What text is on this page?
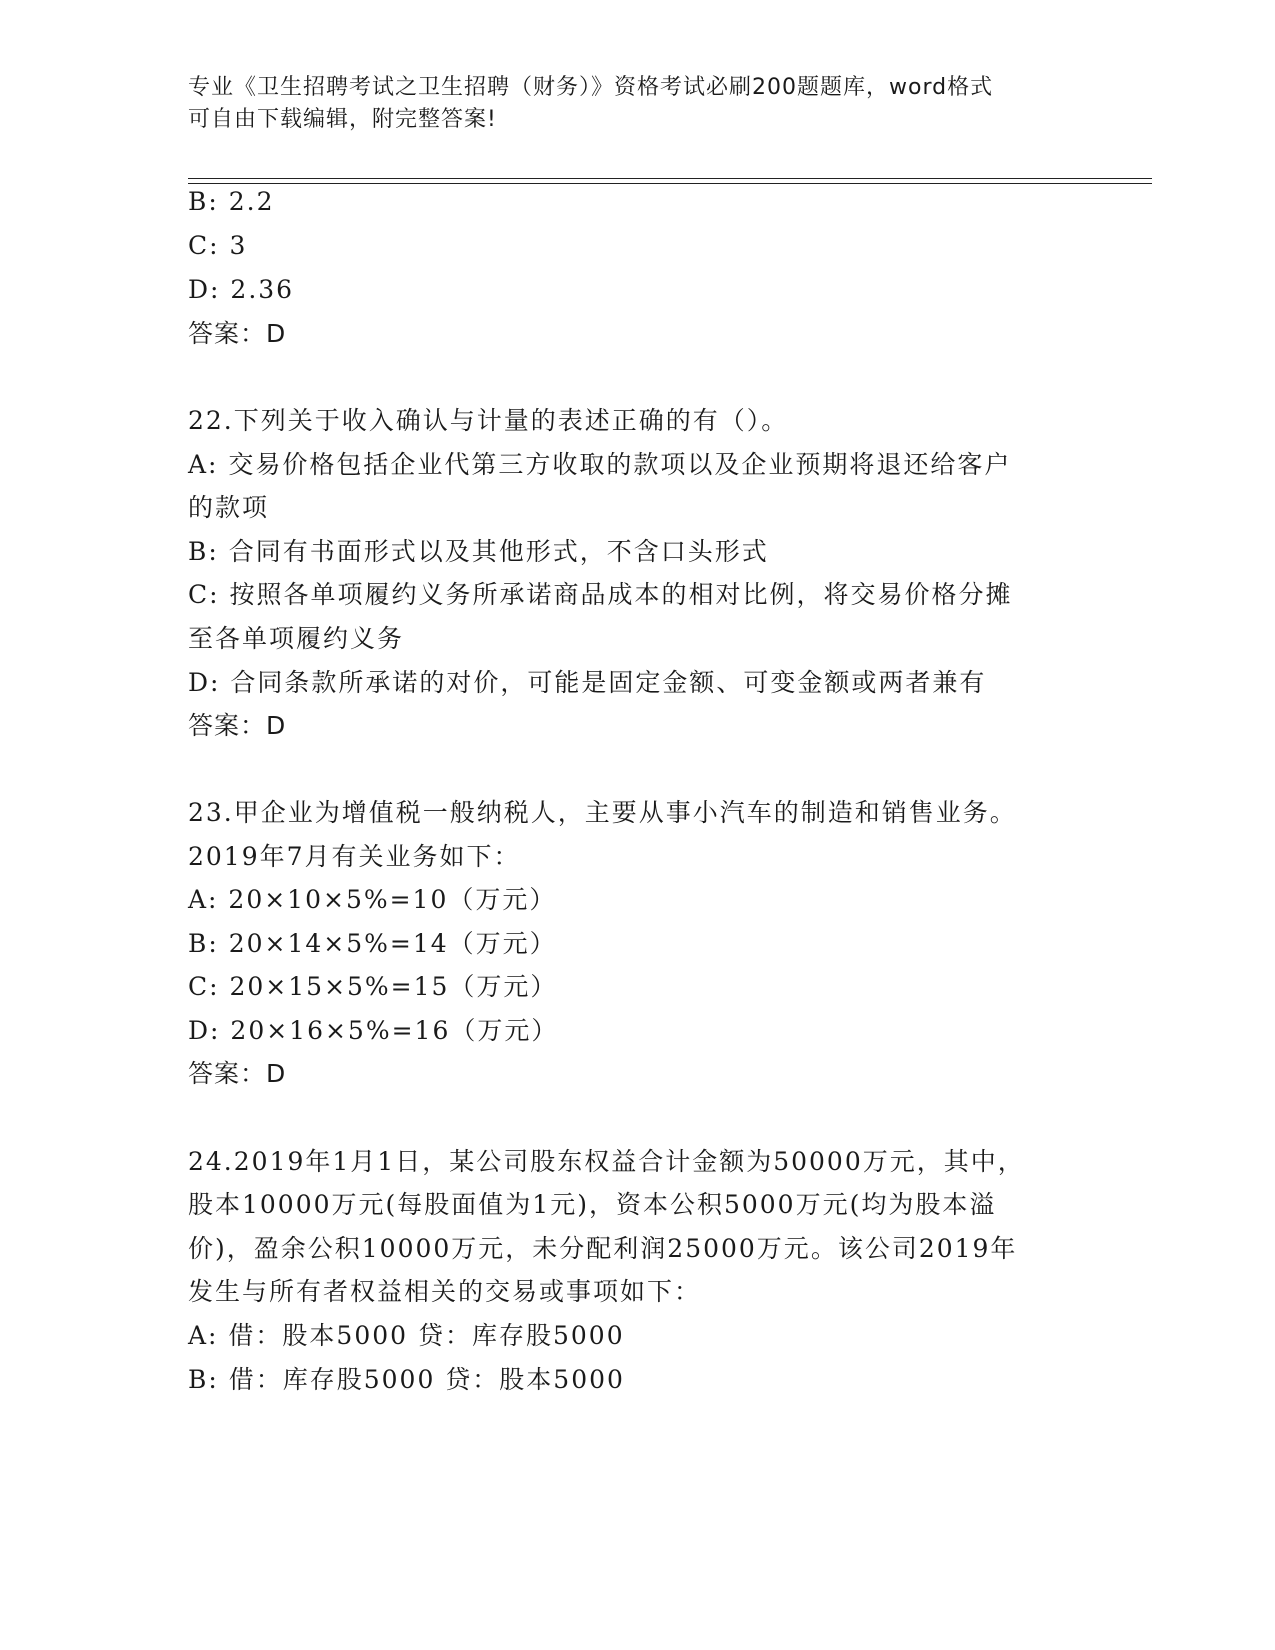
专业《卫生招聘考试之卫生招聘（财务）》资格考试必刷200题题库，word格式
可自由下载编辑，附完整答案!
B: 2.2
C: 3
D: 2.36
答案：D
22.下列关于收入确认与计量的表述正确的有（）。
A: 交易价格包括企业代第三方收取的款项以及企业预期将退还给客户
的款项
B: 合同有书面形式以及其他形式，不含口头形式
C: 按照各单项履约义务所承诺商品成本的相对比例，将交易价格分摊
至各单项履约义务
D: 合同条款所承诺的对价，可能是固定金额、可变金额或两者兼有
答案：D
23.甲企业为增值税一般纳税人，主要从事小汽车的制造和销售业务。
2019年7月有关业务如下：
A: 20×10×5%=10（万元）
B: 20×14×5%=14（万元）
C: 20×15×5%=15（万元）
D: 20×16×5%=16（万元）
答案：D
24.2019年1月1日，某公司股东权益合计金额为50000万元，其中，
股本10000万元(每股面值为1元)，资本公积5000万元(均为股本溢
价)，盈余公积10000万元，未分配利润25000万元。该公司2019年
发生与所有者权益相关的交易或事项如下：
A: 借：股本5000 贷：库存股5000
B: 借：库存股5000 贷：股本5000
